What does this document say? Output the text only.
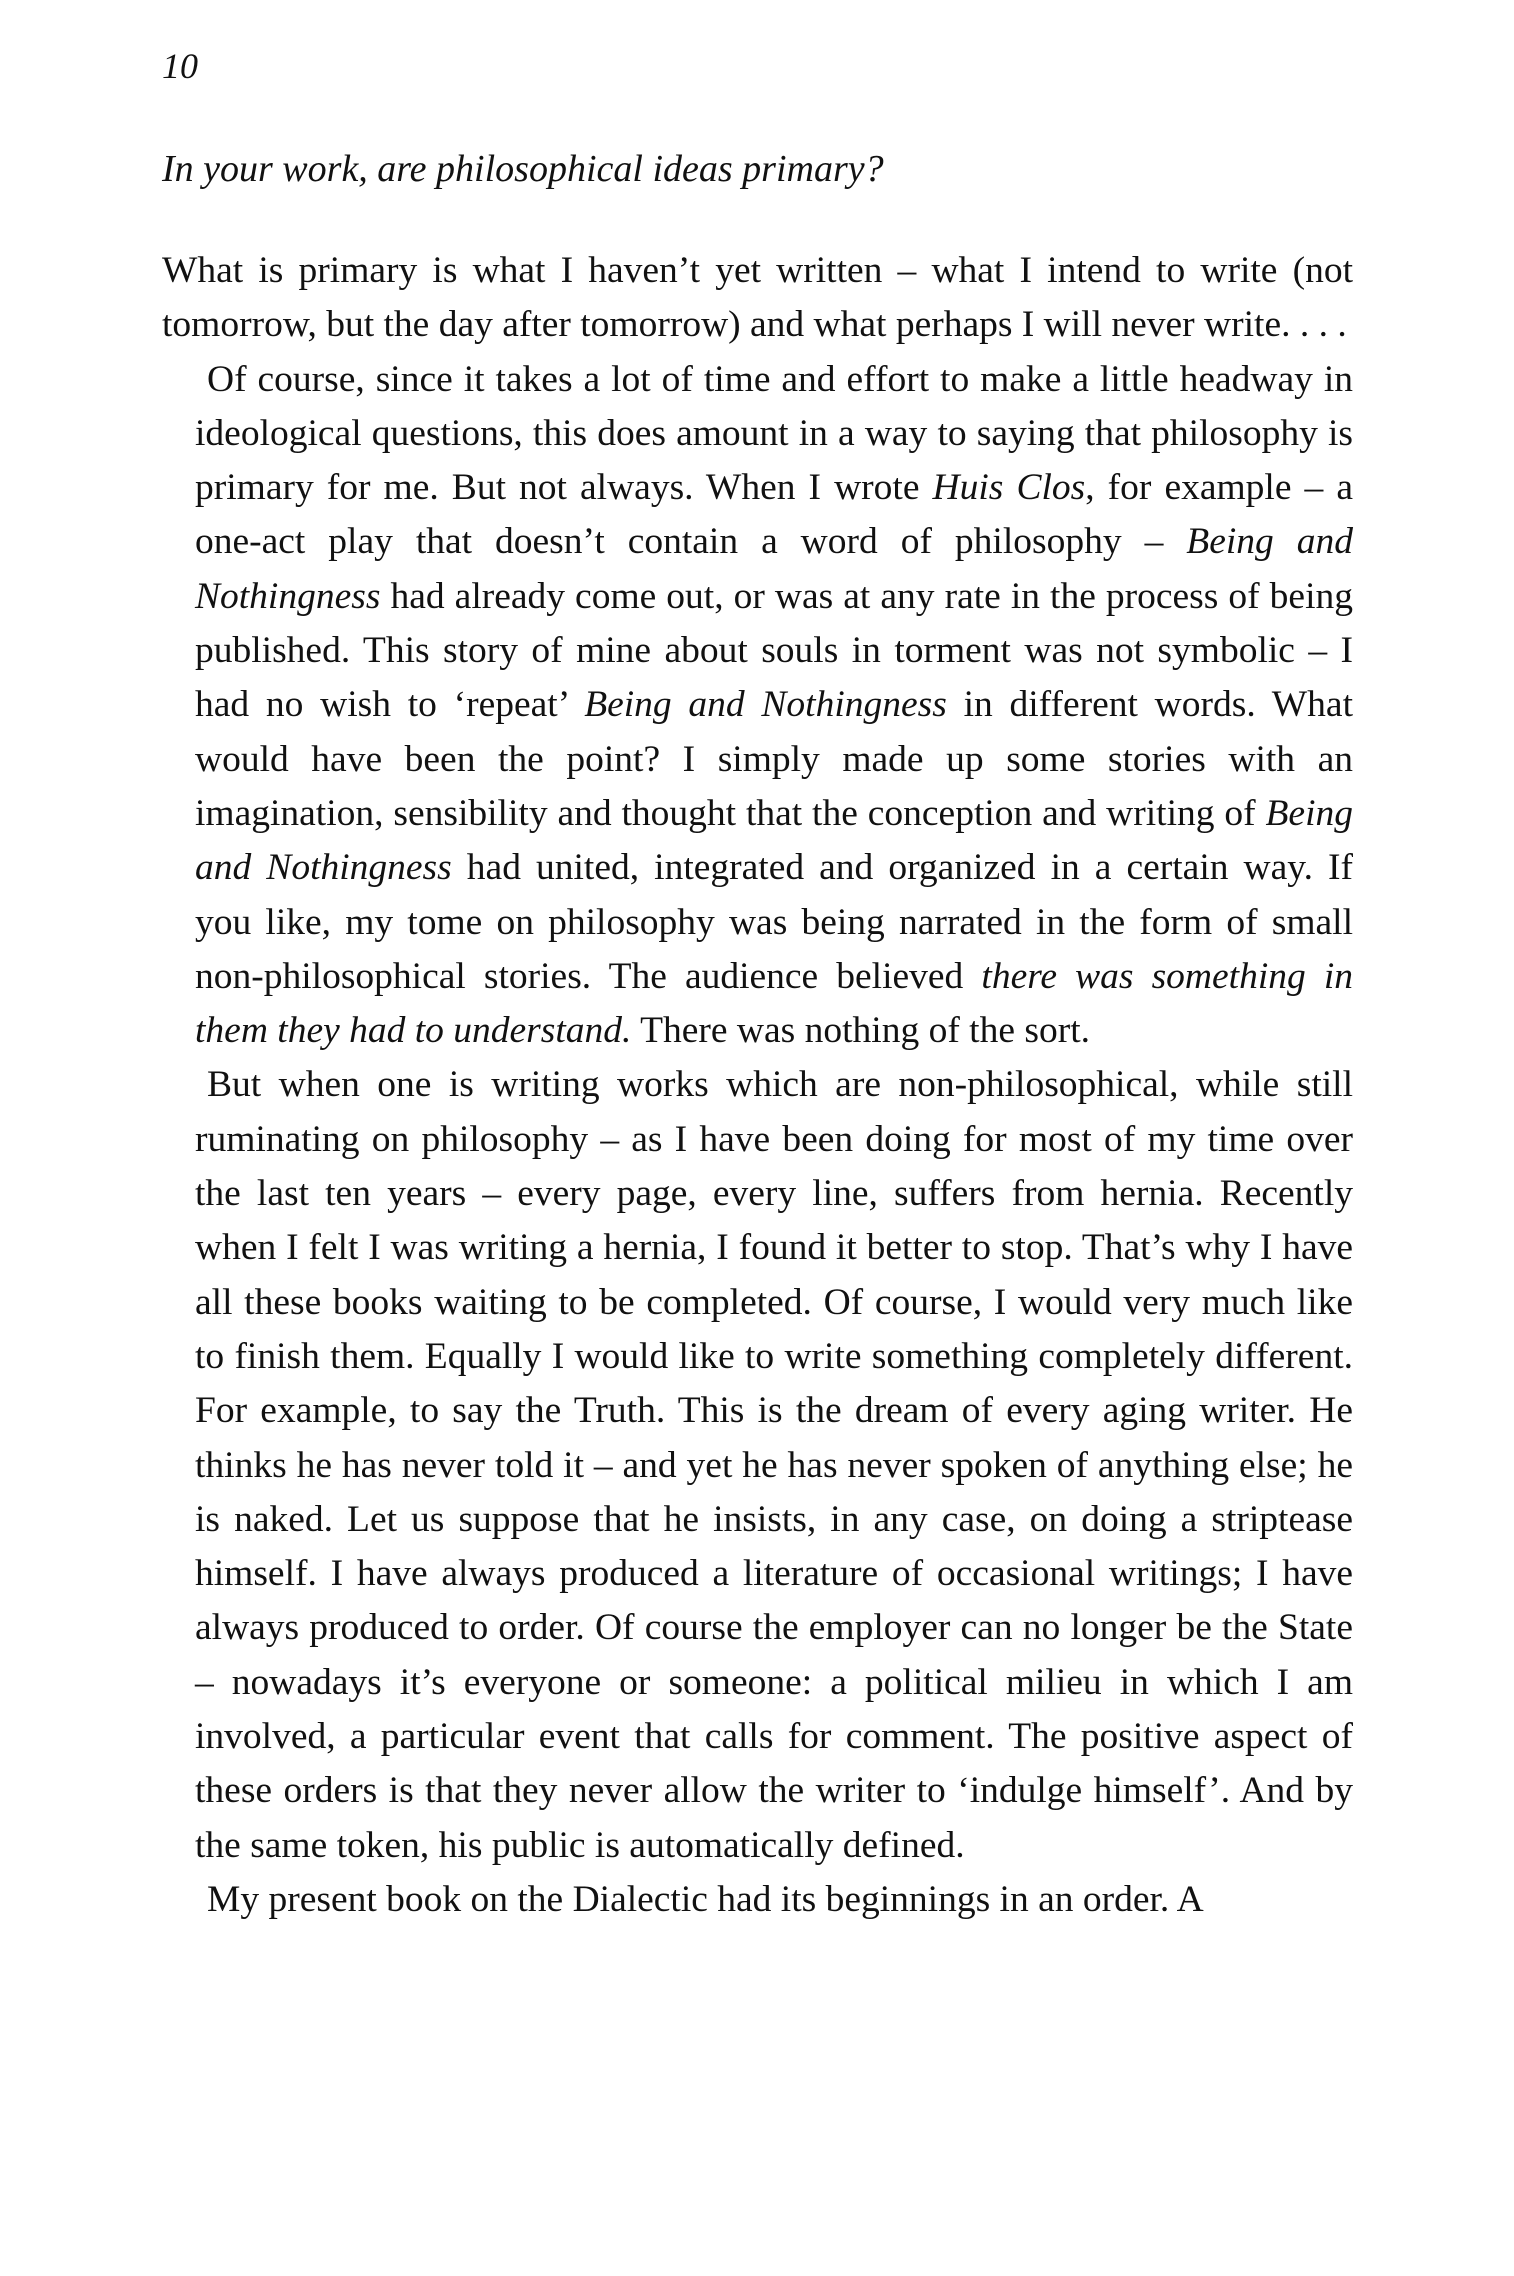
10

In your work, are philosophical ideas primary?

What is primary is what I haven’t yet written – what I intend to write (not tomorrow, but the day after tomorrow) and what perhaps I will never write. . . .

Of course, since it takes a lot of time and effort to make a little headway in ideological questions, this does amount in a way to saying that philosophy is primary for me. But not always. When I wrote Huis Clos, for example – a one-act play that doesn’t contain a word of philosophy – Being and Nothingness had already come out, or was at any rate in the process of being published. This story of mine about souls in torment was not symbolic – I had no wish to ‘repeat’ Being and Nothingness in different words. What would have been the point? I simply made up some stories with an imagination, sensibility and thought that the conception and writing of Being and Nothingness had united, integrated and organized in a certain way. If you like, my tome on philosophy was being narrated in the form of small non-philosophical stories. The audience believed there was something in them they had to understand. There was nothing of the sort.

But when one is writing works which are non-philosophical, while still ruminating on philosophy – as I have been doing for most of my time over the last ten years – every page, every line, suffers from hernia. Recently when I felt I was writing a hernia, I found it better to stop. That’s why I have all these books waiting to be completed. Of course, I would very much like to finish them. Equally I would like to write something completely different. For example, to say the Truth. This is the dream of every aging writer. He thinks he has never told it – and yet he has never spoken of anything else; he is naked. Let us suppose that he insists, in any case, on doing a striptease himself. I have always produced a literature of occasional writings; I have always produced to order. Of course the employer can no longer be the State – nowadays it’s everyone or someone: a political milieu in which I am involved, a particular event that calls for comment. The positive aspect of these orders is that they never allow the writer to ‘indulge himself’. And by the same token, his public is automatically defined.

My present book on the Dialectic had its beginnings in an order. A
